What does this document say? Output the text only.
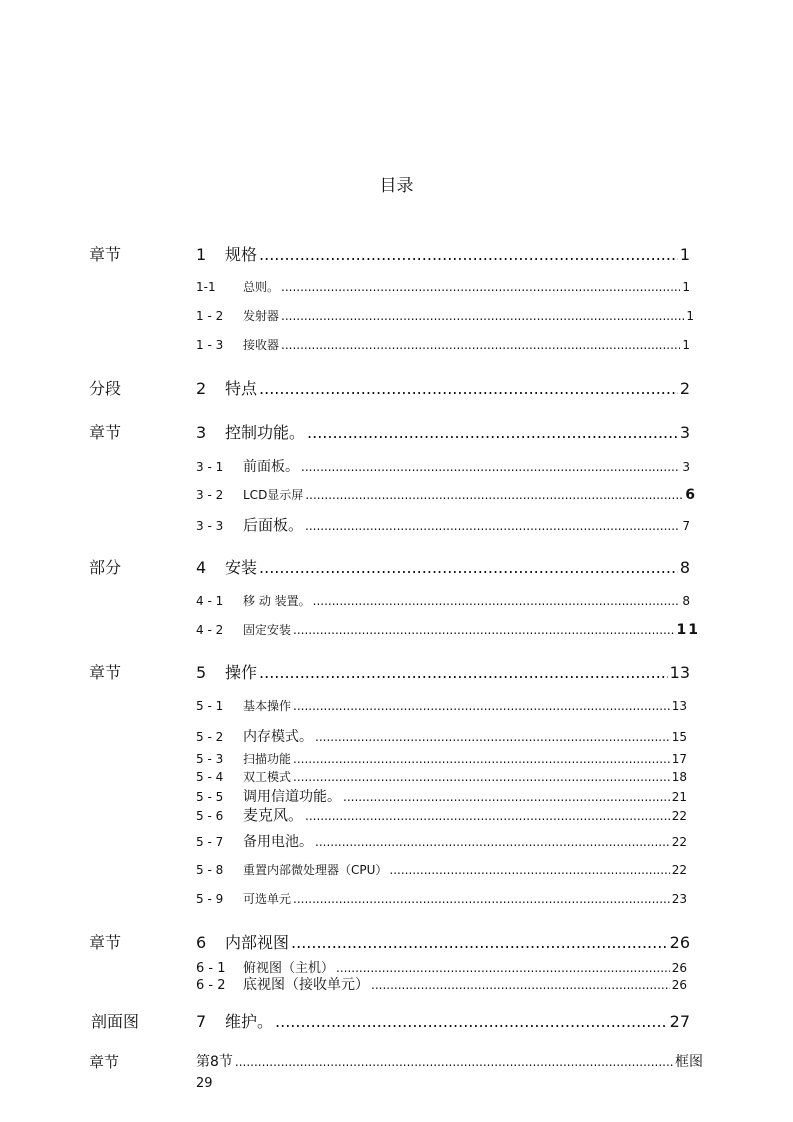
目录
章节	1	规格 .....	1
1-1	总则。 .....	1
1 - 2	发射器 .....	1
1 - 3	接收器 .....	1
分段	2	特点 .....	2
章节	3	控制功能。 .....	3
3 - 1	前面板。 .....	3
3 - 2	LCD显示屏 .....	6
3 - 3	后面板。 .....	7
部分	4	安装 .....	8
4 - 1	移 动 装置。 .....	8
4 - 2	固定安装 .....	11
章节	5	操作 .....	13
5 - 1	基本操作 .....	13
5 - 2	内存模式。 .....	15
5 - 3	扫描功能 .....	17
5 - 4	双工模式 .....	18
5 - 5	调用信道功能。 .....	21
5 - 6	麦克风。 .....	22
5 - 7	备用电池。 .....	22
5 - 8	重置内部微处理器（CPU） .....	22
5 - 9	可选单元 .....	23
章节	6	内部视图 .....	26
6 - 1	俯视图（主机） .....	26
6 - 2	底视图（接收单元） .....	26
剖面图	7	维护。 .....	27
章节	第8节 .....	框图
29
